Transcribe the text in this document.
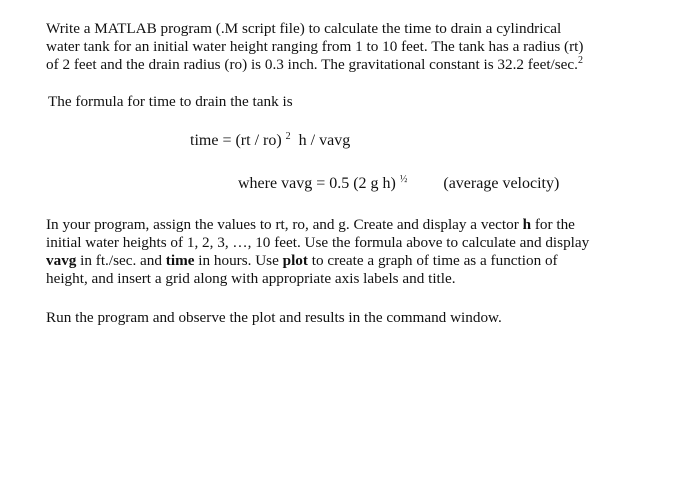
Write a MATLAB program (.M script file) to calculate the time to drain a cylindrical
water tank for an initial water height ranging from 1 to 10 feet. The tank has a radius (rt)
of 2 feet and the drain radius (ro) is 0.3 inch. The gravitational constant is 32.2 feet/sec.$^2$

The formula for time to drain the tank is

time = (rt / ro) $^2$  h / vavg
where vavg = 0.5 (2 g h) $^{\frac{1}{2}}$ (average velocity)

In your program, assign the values to rt, ro, and g. Create and display a vector h for the
initial water heights of 1, 2, 3, …, 10 feet. Use the formula above to calculate and display
vavg in ft./sec. and time in hours. Use plot to create a graph of time as a function of
height, and insert a grid along with appropriate axis labels and title.

Run the program and observe the plot and results in the command window.
